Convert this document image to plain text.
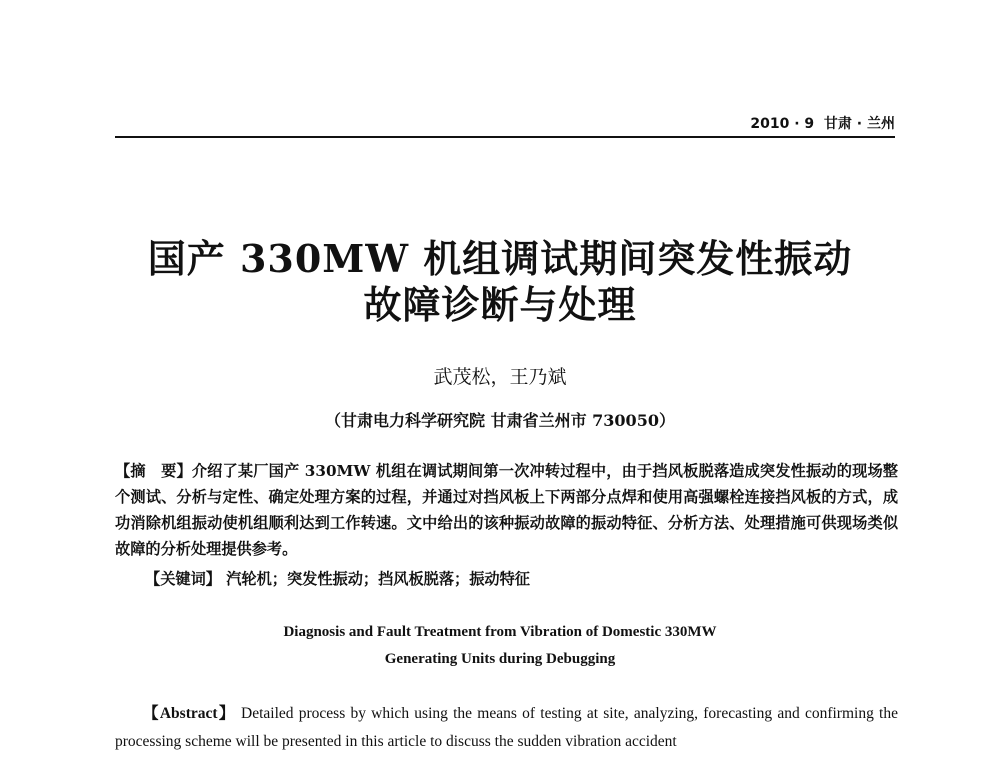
2010 · 9 甘肃 · 兰州
国产 330MW 机组调试期间突发性振动
故障诊断与处理
武茂松，王乃斌
（甘肃电力科学研究院 甘肃省兰州市 730050）

【摘　要】介绍了某厂国产 330MW 机组在调试期间第一次冲转过程中，由于挡风板脱落造成突发性振动的现场整个测试、分析与定性、确定处理方案的过程，并通过对挡风板上下两部分点焊和使用高强螺栓连接挡风板的方式，成功消除机组振动使机组顺利达到工作转速。文中给出的该种振动故障的振动特征、分析方法、处理措施可供现场类似故障的分析处理提供参考。

【关键词】 汽轮机；突发性振动；挡风板脱落；振动特征

Diagnosis and Fault Treatment from Vibration of Domestic 330MW
Generating Units during Debugging

【Abstract】 Detailed process by which using the means of testing at site, analyzing, forecasting and confirming the processing scheme will be presented in this article to discuss the sudden vibration accident
